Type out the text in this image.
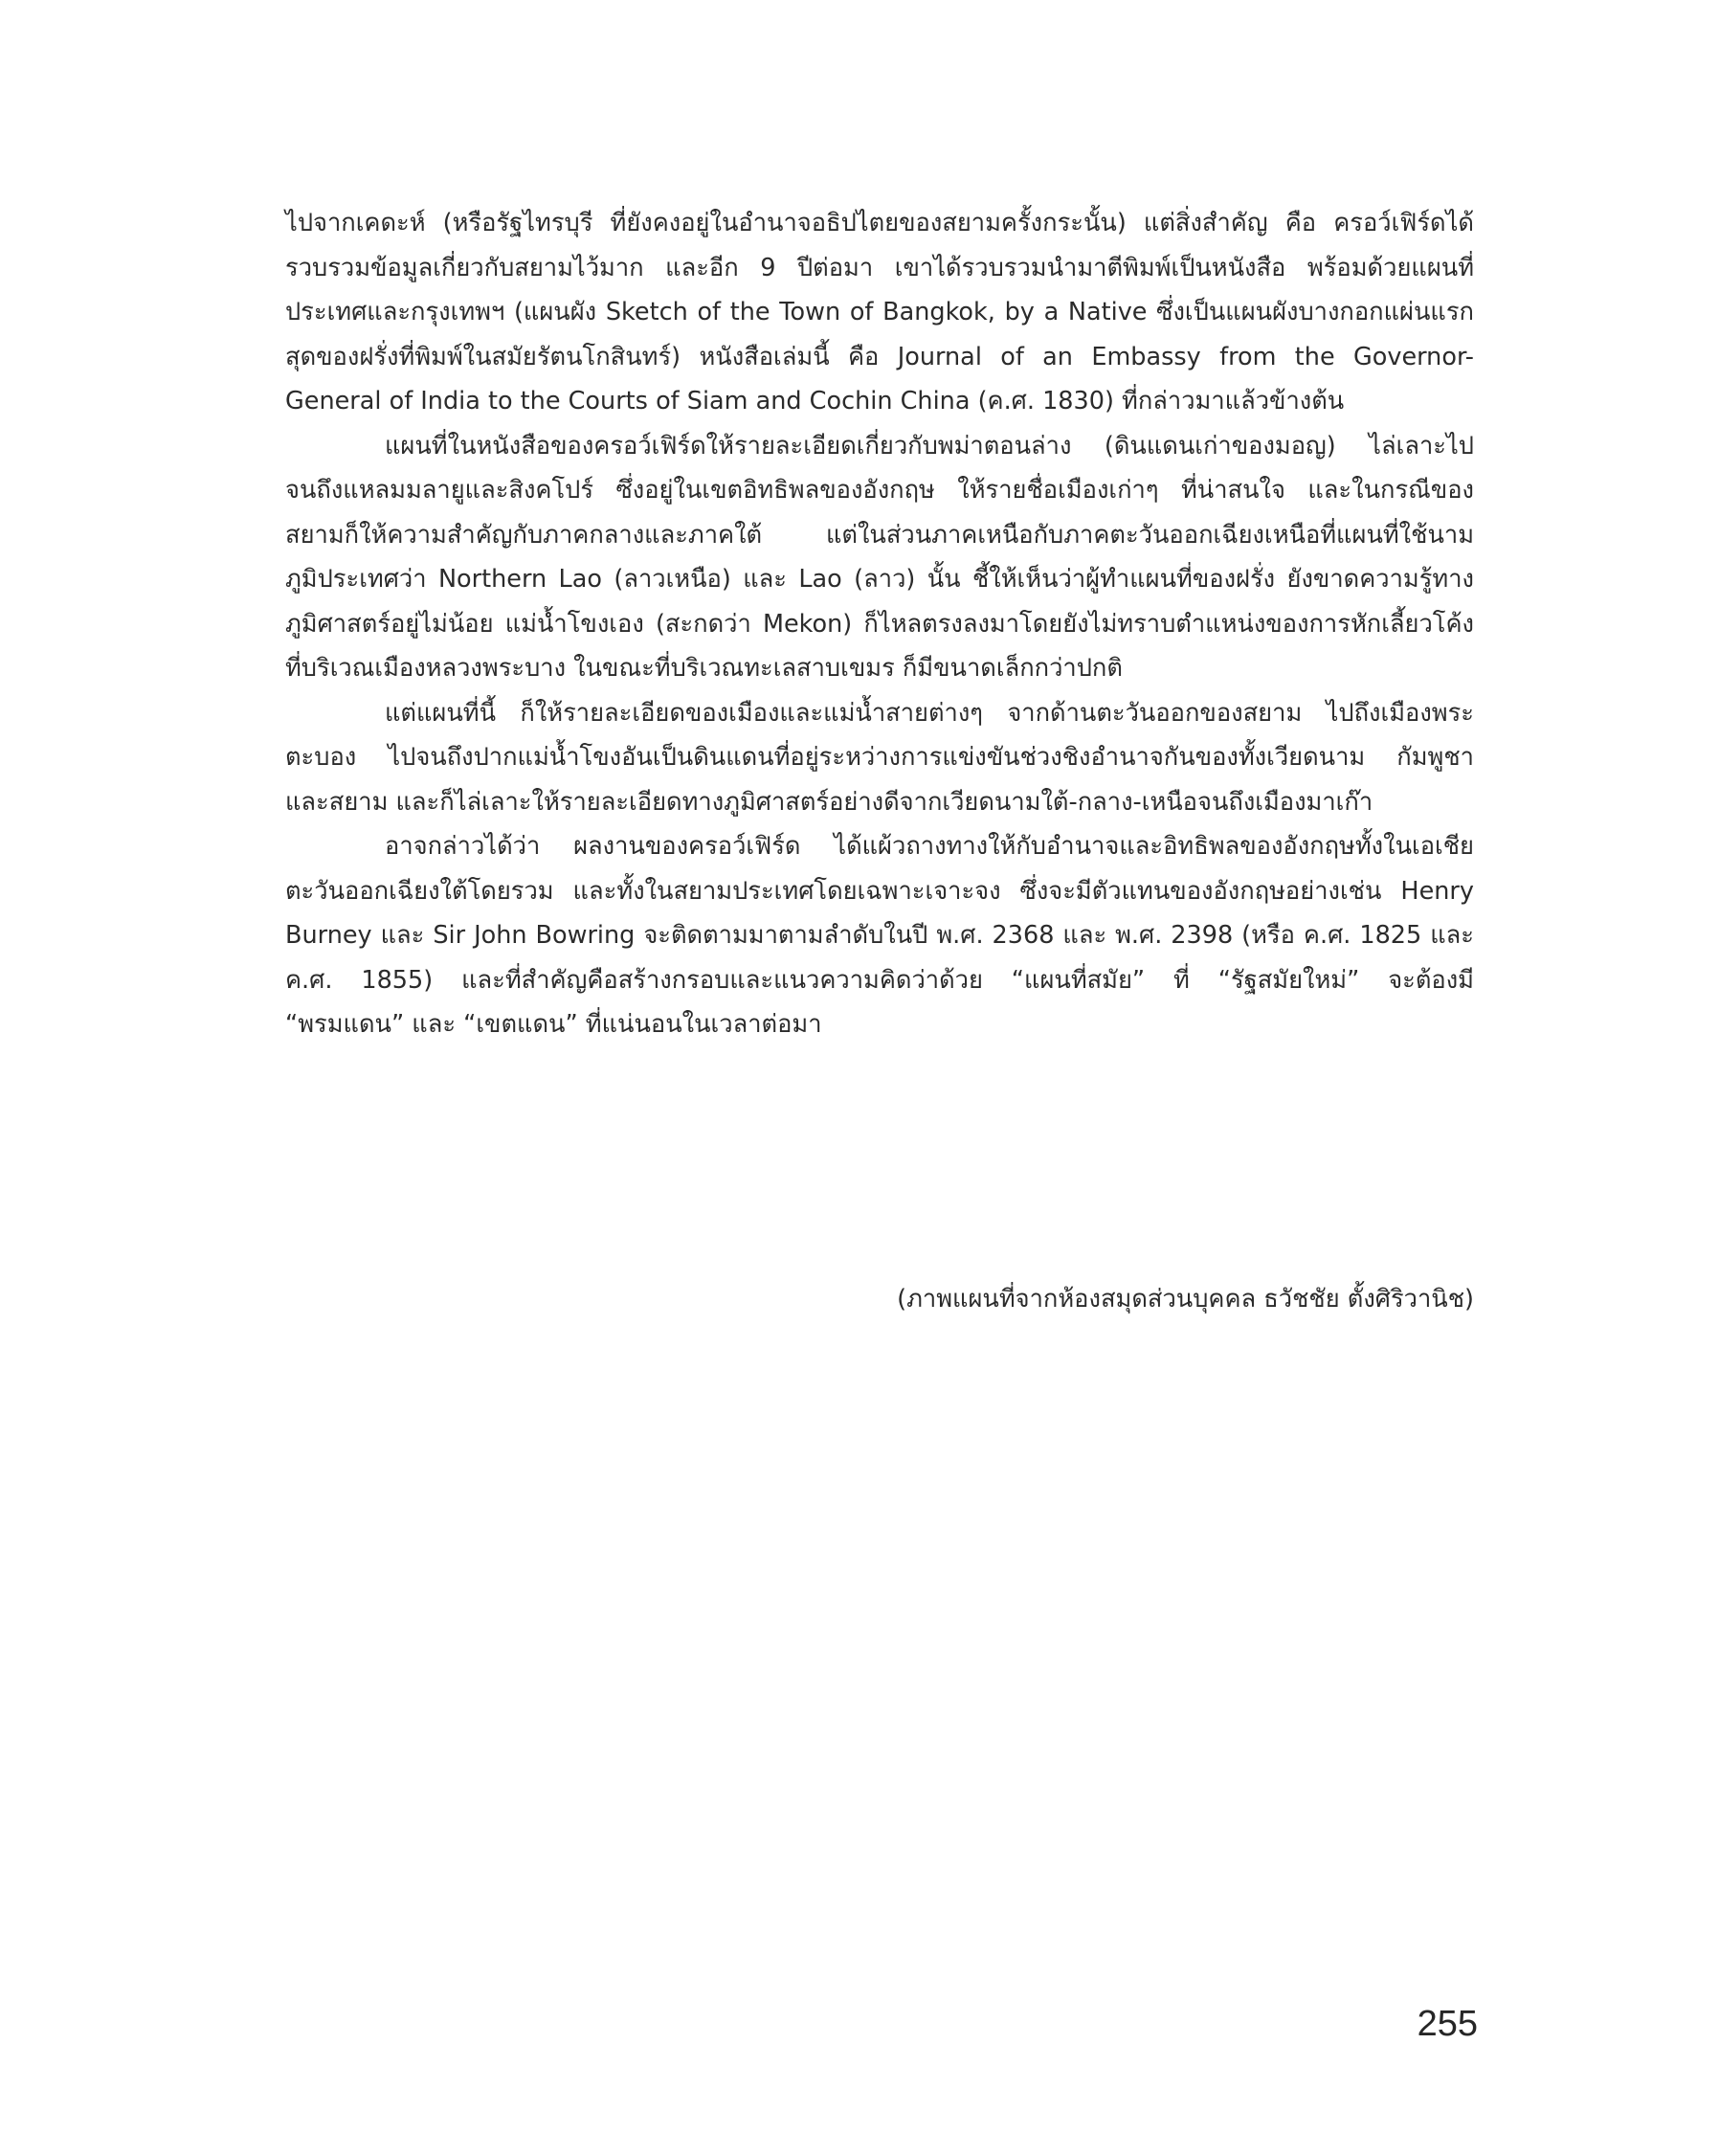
ไปจากเคดะห์ (หรือรัฐไทรบุรี ที่ยังคงอยู่ในอำนาจอธิปไตยของสยามครั้งกระนั้น) แต่สิ่งสำคัญ คือ ครอว์เฟิร์ดได้รวบรวมข้อมูลเกี่ยวกับสยามไว้มาก และอีก 9 ปีต่อมา เขาได้รวบรวมนำมาตีพิมพ์เป็นหนังสือ พร้อมด้วยแผนที่ประเทศและกรุงเทพฯ (แผนผัง Sketch of the Town of Bangkok, by a Native ซึ่งเป็นแผนผังบางกอกแผ่นแรกสุดของฝรั่งที่พิมพ์ในสมัยรัตนโกสินทร์) หนังสือเล่มนี้ คือ Journal of an Embassy from the Governor-General of India to the Courts of Siam and Cochin China (ค.ศ. 1830) ที่กล่าวมาแล้วข้างต้น

แผนที่ในหนังสือของครอว์เฟิร์ดให้รายละเอียดเกี่ยวกับพม่าตอนล่าง (ดินแดนเก่าของมอญ) ไล่เลาะไปจนถึงแหลมมลายูและสิงคโปร์ ซึ่งอยู่ในเขตอิทธิพลของอังกฤษ ให้รายชื่อเมืองเก่าๆ ที่น่าสนใจ และในกรณีของสยามก็ให้ความสำคัญกับภาคกลางและภาคใต้ แต่ในส่วนภาคเหนือกับภาคตะวันออกเฉียงเหนือที่แผนที่ใช้นามภูมิประเทศว่า Northern Lao (ลาวเหนือ) และ Lao (ลาว) นั้น ชี้ให้เห็นว่าผู้ทำแผนที่ของฝรั่ง ยังขาดความรู้ทางภูมิศาสตร์อยู่ไม่น้อย แม่น้ำโขงเอง (สะกดว่า Mekon) ก็ไหลตรงลงมาโดยยังไม่ทราบตำแหน่งของการหักเลี้ยวโค้งที่บริเวณเมืองหลวงพระบาง ในขณะที่บริเวณทะเลสาบเขมร ก็มีขนาดเล็กกว่าปกติ

แต่แผนที่นี้ ก็ให้รายละเอียดของเมืองและแม่น้ำสายต่างๆ จากด้านตะวันออกของสยาม ไปถึงเมืองพระตะบอง ไปจนถึงปากแม่น้ำโขงอันเป็นดินแดนที่อยู่ระหว่างการแข่งขันช่วงชิงอำนาจกันของทั้งเวียดนาม กัมพูชา และสยาม และก็ไล่เลาะให้รายละเอียดทางภูมิศาสตร์อย่างดีจากเวียดนามใต้-กลาง-เหนือจนถึงเมืองมาเก๊า

อาจกล่าวได้ว่า ผลงานของครอว์เฟิร์ด ได้แผ้วถางทางให้กับอำนาจและอิทธิพลของอังกฤษทั้งในเอเชียตะวันออกเฉียงใต้โดยรวม และทั้งในสยามประเทศโดยเฉพาะเจาะจง ซึ่งจะมีตัวแทนของอังกฤษอย่างเช่น Henry Burney และ Sir John Bowring จะติดตามมาตามลำดับในปี พ.ศ. 2368 และ พ.ศ. 2398 (หรือ ค.ศ. 1825 และ ค.ศ. 1855) และที่สำคัญคือสร้างกรอบและแนวความคิดว่าด้วย “แผนที่สมัย” ที่ “รัฐสมัยใหม่” จะต้องมี “พรมแดน” และ “เขตแดน” ที่แน่นอนในเวลาต่อมา

(ภาพแผนที่จากห้องสมุดส่วนบุคคล ธวัชชัย ตั้งศิริวานิช)
255
